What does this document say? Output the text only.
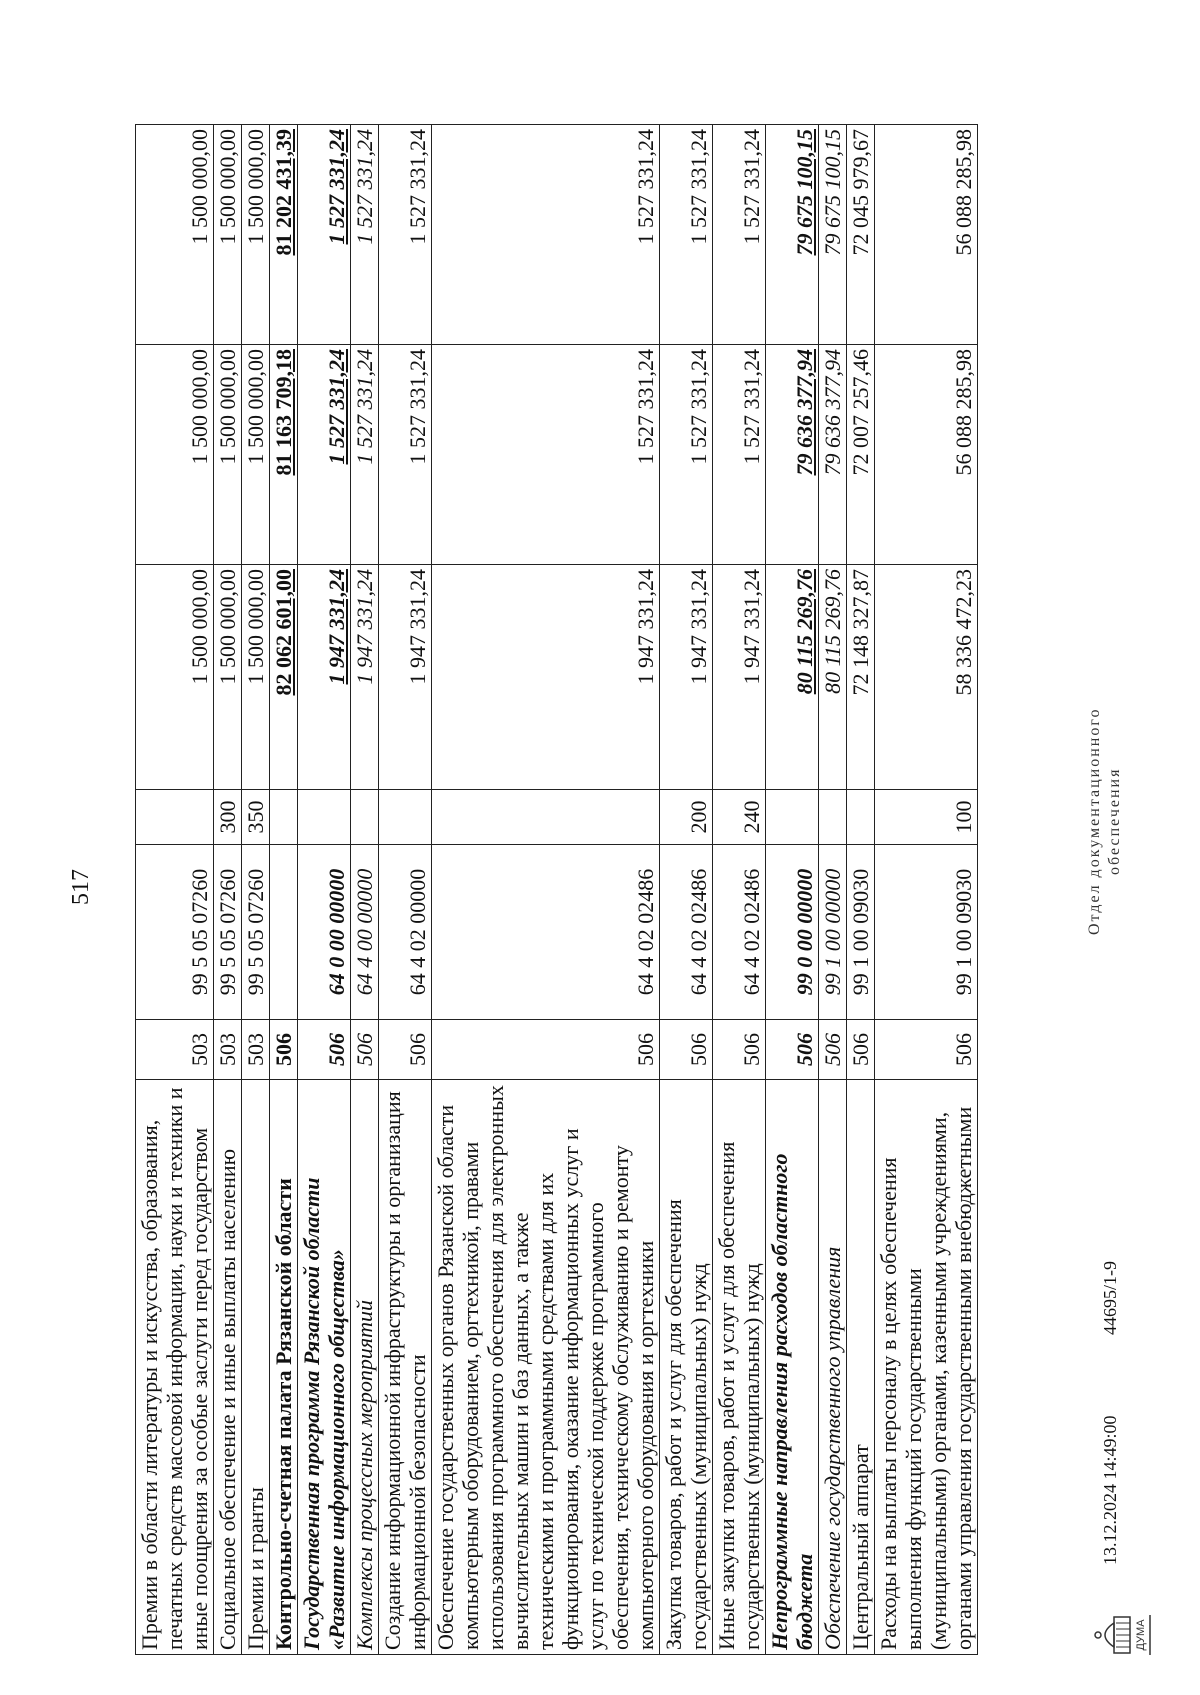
517
Премии в области литературы и искусства, образования, печатных средств массовой информации, науки и техники и иные поощрения за особые заслуги перед государством	503	99 5 05 07260		1 500 000,00	1 500 000,00	1 500 000,00
Социальное обеспечение и иные выплаты населению	503	99 5 05 07260	300	1 500 000,00	1 500 000,00	1 500 000,00
Премии и гранты	503	99 5 05 07260	350	1 500 000,00	1 500 000,00	1 500 000,00
Контрольно-счетная палата Рязанской области	506			82 062 601,00	81 163 709,18	81 202 431,39
Государственная программа Рязанской области «Развитие информационного общества»	506	64 0 00 00000		1 947 331,24	1 527 331,24	1 527 331,24
Комплексы процессных мероприятий	506	64 4 00 00000		1 947 331,24	1 527 331,24	1 527 331,24
Создание информационной инфраструктуры и организация информационной безопасности	506	64 4 02 00000		1 947 331,24	1 527 331,24	1 527 331,24
Обеспечение государственных органов Рязанской области компьютерным оборудованием, оргтехникой, правами использования программного обеспечения для электронных вычислительных машин и баз данных, а также техническими и программными средствами для их функционирования, оказание информационных услуг и услуг по технической поддержке программного обеспечения, техническому обслуживанию и ремонту компьютерного оборудования и оргтехники	506	64 4 02 02486		1 947 331,24	1 527 331,24	1 527 331,24
Закупка товаров, работ и услуг для обеспечения государственных (муниципальных) нужд	506	64 4 02 02486	200	1 947 331,24	1 527 331,24	1 527 331,24
Иные закупки товаров, работ и услуг для обеспечения государственных (муниципальных) нужд	506	64 4 02 02486	240	1 947 331,24	1 527 331,24	1 527 331,24
Непрограммные направления расходов областного бюджета	506	99 0 00 00000		80 115 269,76	79 636 377,94	79 675 100,15
Обеспечение государственного управления	506	99 1 00 00000		80 115 269,76	79 636 377,94	79 675 100,15
Центральный аппарат	506	99 1 00 09030		72 148 327,87	72 007 257,46	72 045 979,67
Расходы на выплаты персоналу в целях обеспечения выполнения функций государственными (муниципальными) органами, казенными учреждениями, органами управления государственными внебюджетными	506	99 1 00 09030	100	58 336 472,23	56 088 285,98	56 088 285,98
ДУМА
13.12.2024 14:49:00
44695/1-9
Отдел документационного обеспечения
